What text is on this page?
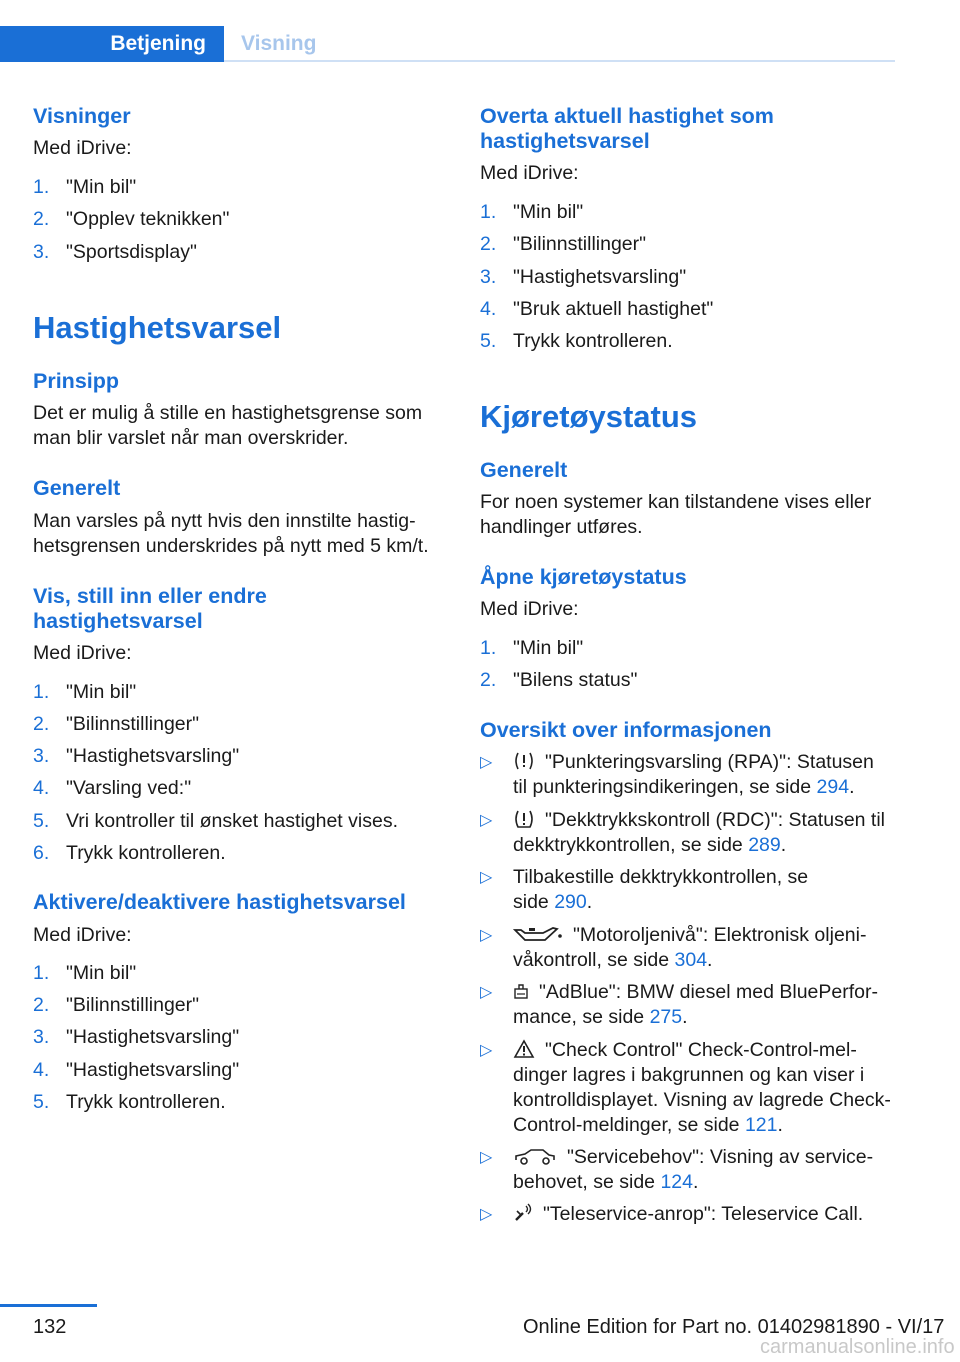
Betjening Visning
Visninger
Med iDrive:
1. "Min bil"
2. "Opplev teknikken"
3. "Sportsdisplay"
Hastighetsvarsel
Prinsipp
Det er mulig å stille en hastighetsgrense som man blir varslet når man overskrider.
Generelt
Man varsles på nytt hvis den innstilte hastig‐hetsgrensen underskrides på nytt med 5 km/t.
Vis, still inn eller endre
hastighetsvarsel
Med iDrive:
1. "Min bil"
2. "Bilinnstillinger"
3. "Hastighetsvarsling"
4. "Varsling ved:"
5. Vri kontroller til ønsket hastighet vises.
6. Trykk kontrolleren.
Aktivere/deaktivere hastighetsvarsel
Med iDrive:
1. "Min bil"
2. "Bilinnstillinger"
3. "Hastighetsvarsling"
4. "Hastighetsvarsling"
5. Trykk kontrolleren.
Overta aktuell hastighet som
hastighetsvarsel
Med iDrive:
1. "Min bil"
2. "Bilinnstillinger"
3. "Hastighetsvarsling"
4. "Bruk aktuell hastighet"
5. Trykk kontrolleren.
Kjøretøystatus
Generelt
For noen systemer kan tilstandene vises eller handlinger utføres.
Åpne kjøretøystatus
Med iDrive:
1. "Min bil"
2. "Bilens status"
Oversikt over informasjonen
▷	"Punkteringsvarsling (RPA)": Statusen til punkteringsindikeringen, se side 294.
▷	"Dekktrykkskontroll (RDC)": Statusen til dekktrykkontrollen, se side 289.
▷ Tilbakestille dekktrykkontrollen, se side 290.
▷	"Motoroljenivå": Elektronisk oljeni‐våkontroll, se side 304.
▷	"AdBlue": BMW diesel med BluePerfor‐mance, se side 275.
▷	"Check Control" Check-Control-mel‐dinger lagres i bakgrunnen og kan viser i kontrolldisplayet. Visning av lagrede Check-Control-meldinger, se side 121.
▷	"Servicebehov": Visning av service‐behovet, se side 124.
▷	"Teleservice-anrop": Teleservice Call.
132	Online Edition for Part no. 01402981890 - VI/17
carmanualsonline.info
